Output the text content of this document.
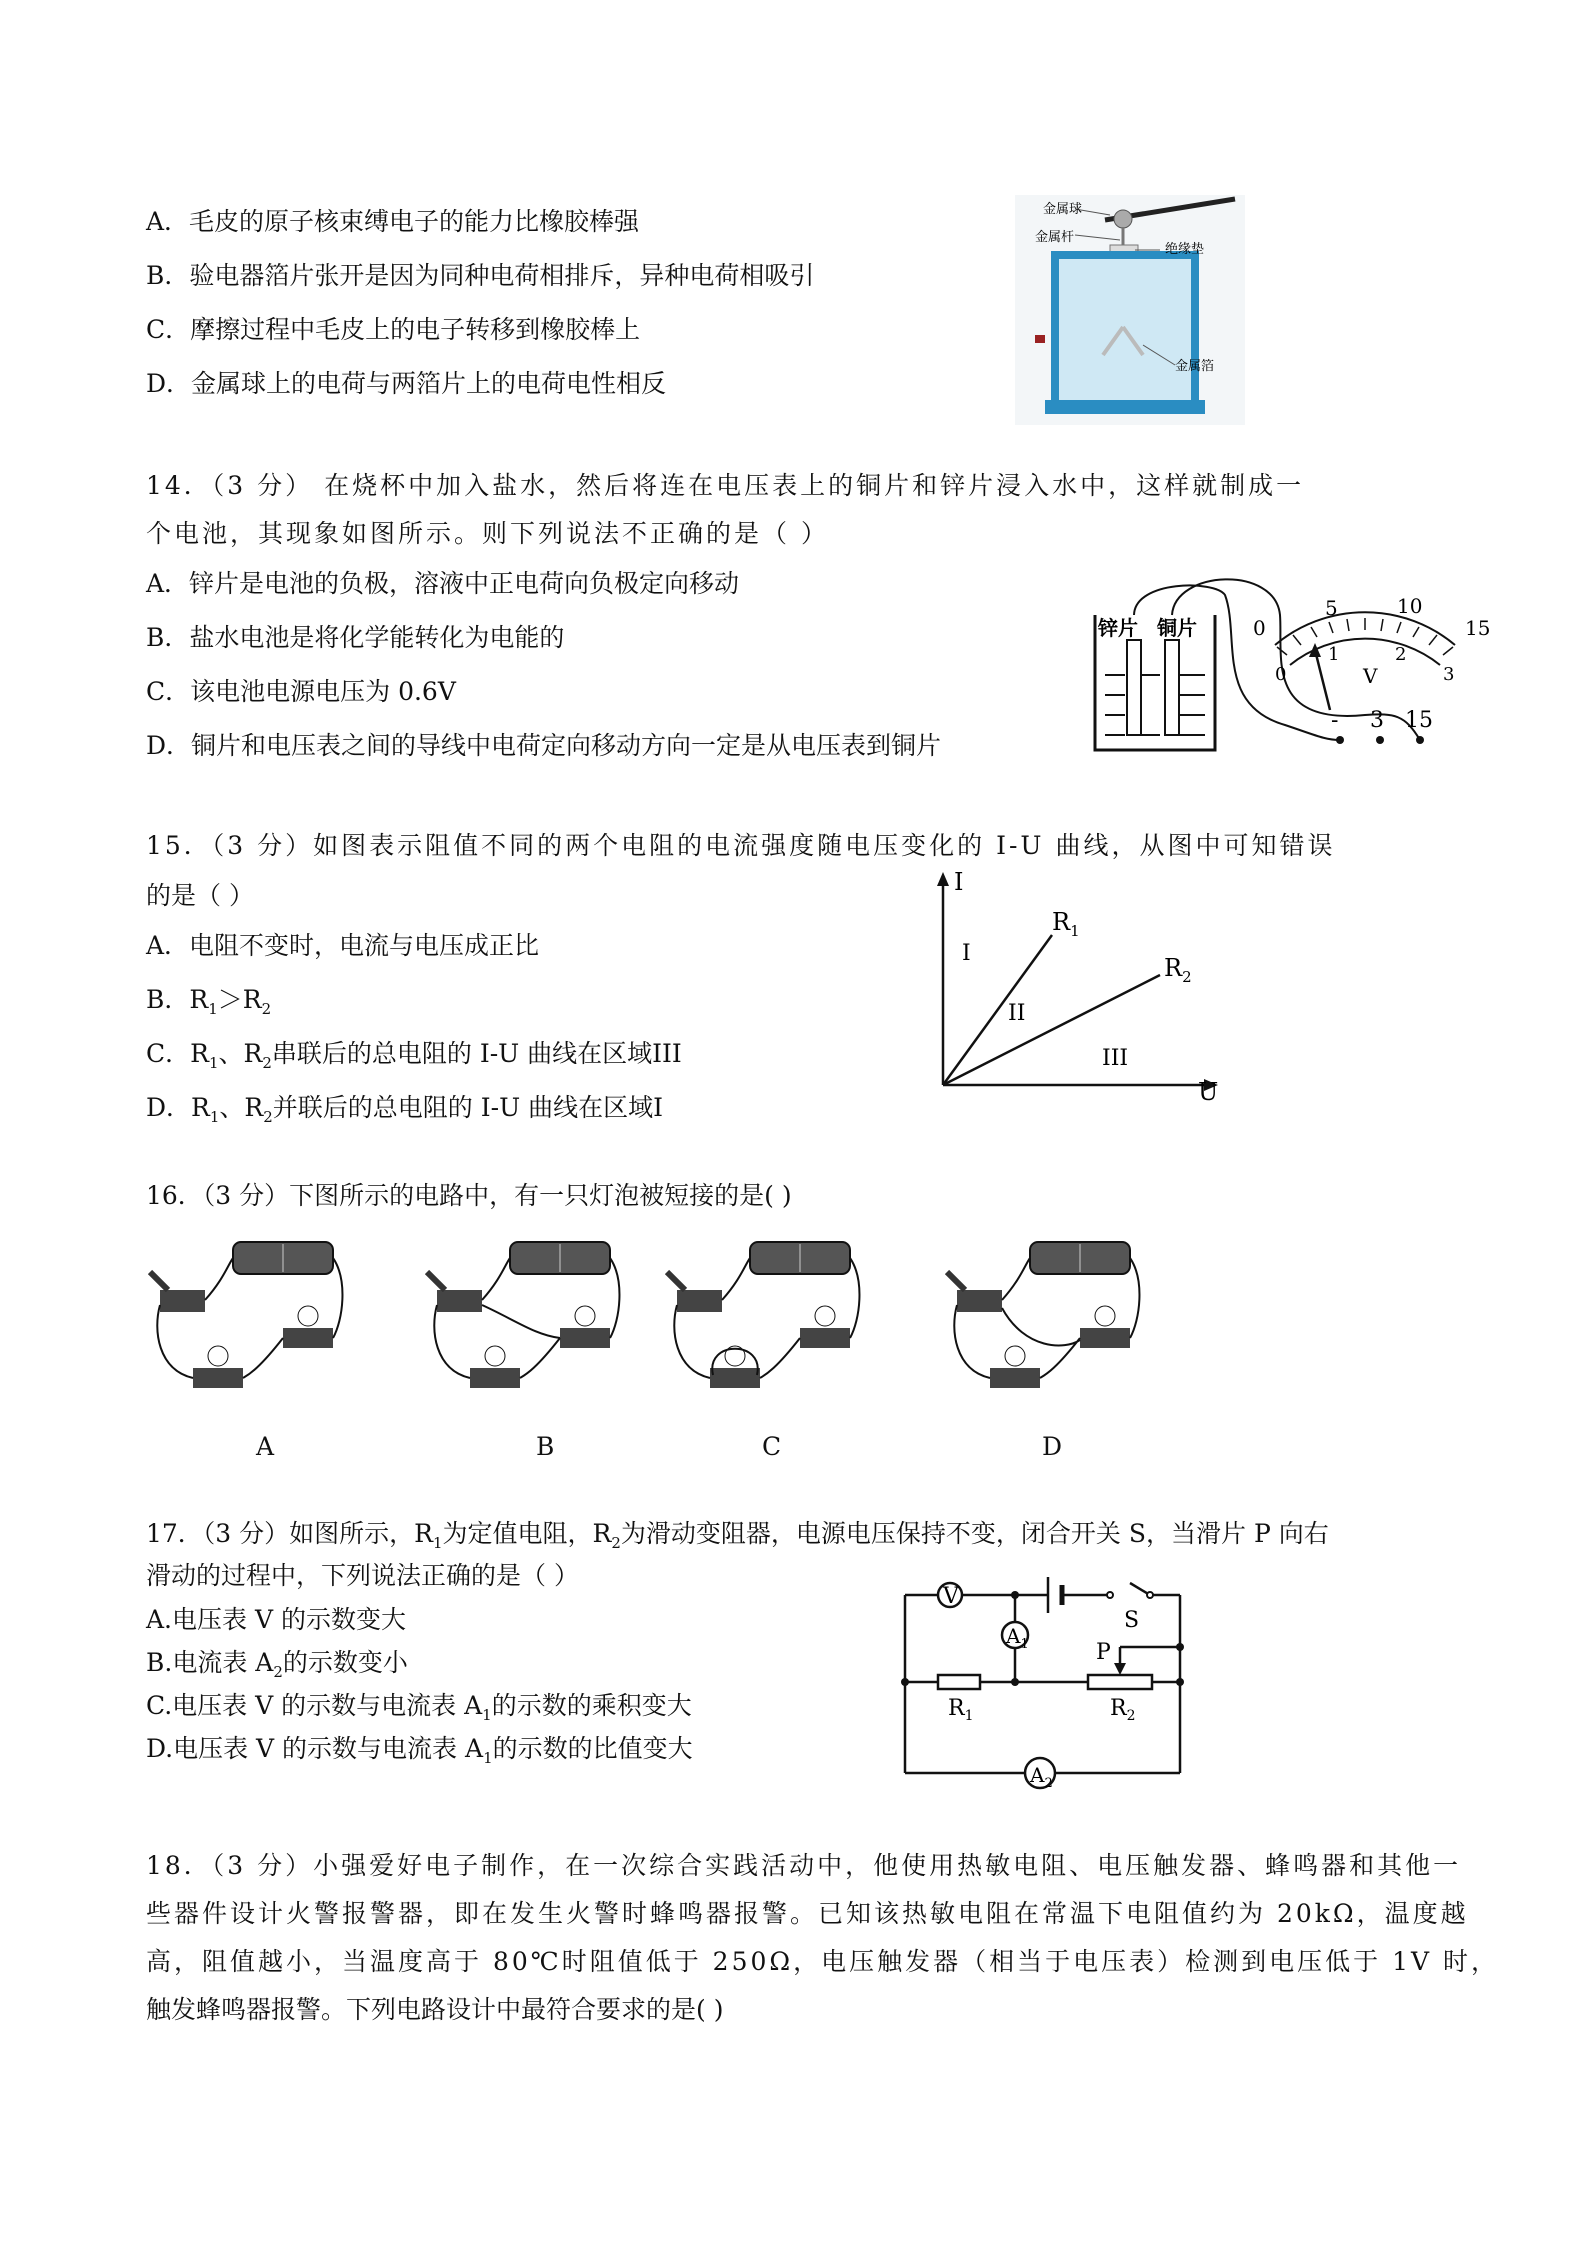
A．毛皮的原子核束缚电子的能力比橡胶棒强
B．验电器箔片张开是因为同种电荷相排斥，异种电荷相吸引
C．摩擦过程中毛皮上的电子转移到橡胶棒上
D．金属球上的电荷与两箔片上的电荷电性相反
金属球
金属杆
绝缘垫
金属箔
14．（3 分） 在烧杯中加入盐水，然后将连在电压表上的铜片和锌片浸入水中，这样就制成一
个电池，其现象如图所示。则下列说法不正确的是（ ）
A．锌片是电池的负极，溶液中正电荷向负极定向移动
B．盐水电池是将化学能转化为电能的
C．该电池电源电压为 0.6V
D．铜片和电压表之间的导线中电荷定向移动方向一定是从电压表到铜片
锌片 铜片	0
5	10
15
0
1	2
3
V
- 3 15
15．（3 分）如图表示阻值不同的两个电阻的电流强度随电压变化的 I-U 曲线，从图中可知错误
的是（ ）
A．电阻不变时，电流与电压成正比
B．$R_1>R_2$
C．$R_1$、$R_2$串联后的总电阻的 I-U 曲线在区域III
D．$R_1$、$R_2$并联后的总电阻的 I-U 曲线在区域I
I
U
$R_1$
$R_2$
I
II
III
16．（3 分）下图所示的电路中，有一只灯泡被短接的是( )
A	B	C	D
17．（3 分）如图所示，$R_1$为定值电阻，$R_2$为滑动变阻器，电源电压保持不变，闭合开关 S，当滑片 P 向右
滑动的过程中，下列说法正确的是（ ）
A.电压表 V 的示数变大
B.电流表 $A_2$的示数变小
C.电压表 V 的示数与电流表 $A_1$的示数的乘积变大
D.电压表 V 的示数与电流表 $A_1$的示数的比值变大
V
$A_1$
$A_2$
S
P
$R_1$	$R_2$
18．（3 分）小强爱好电子制作，在一次综合实践活动中，他使用热敏电阻、电压触发器、蜂鸣器和其他一
些器件设计火警报警器，即在发生火警时蜂鸣器报警。已知该热敏电阻在常温下电阻值约为 20kΩ，温度越
高，阻值越小，当温度高于 80℃时阻值低于 250Ω，电压触发器（相当于电压表）检测到电压低于 1V 时，
触发蜂鸣器报警。下列电路设计中最符合要求的是( )
